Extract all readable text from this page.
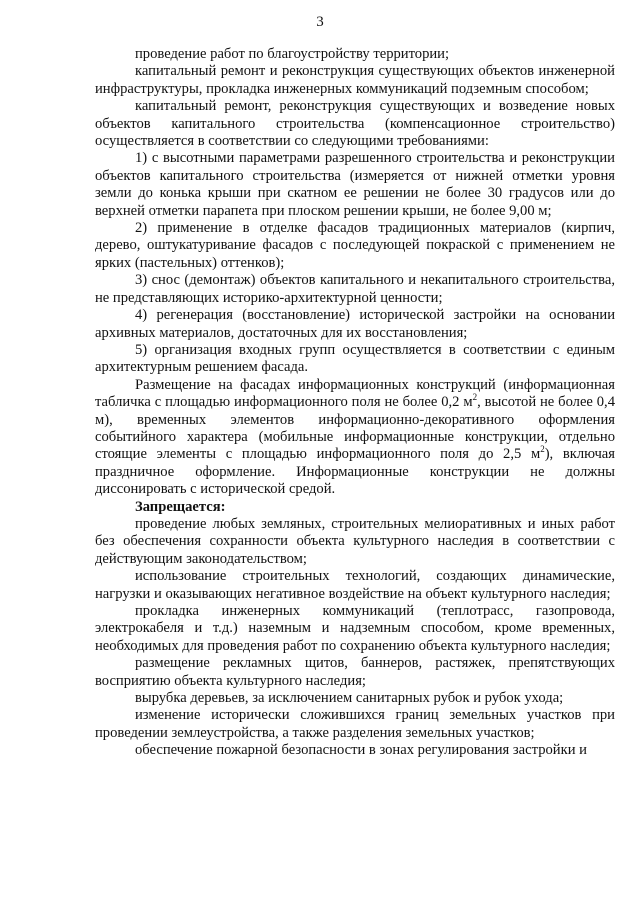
3

проведение работ по благоустройству территории;

капитальный ремонт и реконструкция существующих объектов инженерной инфраструктуры, прокладка инженерных коммуникаций подземным способом;

капитальный ремонт, реконструкция существующих и возведение новых объектов капитального строительства (компенсационное строительство) осуществляется в соответствии со следующими требованиями:

1) с высотными параметрами разрешенного строительства и реконструкции объектов капитального строительства (измеряется от нижней отметки уровня земли до конька крыши при скатном ее решении не более 30 градусов или до верхней отметки парапета при плоском решении крыши, не более 9,00 м;

2) применение в отделке фасадов традиционных материалов (кирпич, дерево, оштукатуривание фасадов с последующей покраской с применением не ярких (пастельных) оттенков);

3) снос (демонтаж) объектов капитального и некапитального строительства, не представляющих историко-архитектурной ценности;

4) регенерация (восстановление) исторической застройки на основании архивных материалов, достаточных для их восстановления;

5) организация входных групп осуществляется в соответствии с единым архитектурным решением фасада.

Размещение на фасадах информационных конструкций (информационная табличка с площадью информационного поля не более 0,2 $м^2$, высотой не более 0,4 м), временных элементов информационно-декоративного оформления событийного характера (мобильные информационные конструкции, отдельно стоящие элементы с площадью информационного поля до 2,5 $м^2$), включая праздничное оформление. Информационные конструкции не должны диссонировать с исторической средой.

Запрещается:

проведение любых земляных, строительных мелиоративных и иных работ без обеспечения сохранности объекта культурного наследия в соответствии с действующим законодательством;

использование строительных технологий, создающих динамические, нагрузки и оказывающих негативное воздействие на объект культурного наследия;

прокладка инженерных коммуникаций (теплотрасс, газопровода, электрокабеля и т.д.) наземным и надземным способом, кроме временных, необходимых для проведения работ по сохранению объекта культурного наследия;

размещение рекламных щитов, баннеров, растяжек, препятствующих восприятию объекта культурного наследия;

вырубка деревьев, за исключением санитарных рубок и рубок ухода;

изменение исторически сложившихся границ земельных участков при проведении землеустройства, а также разделения земельных участков;

обеспечение пожарной безопасности в зонах регулирования застройки и
